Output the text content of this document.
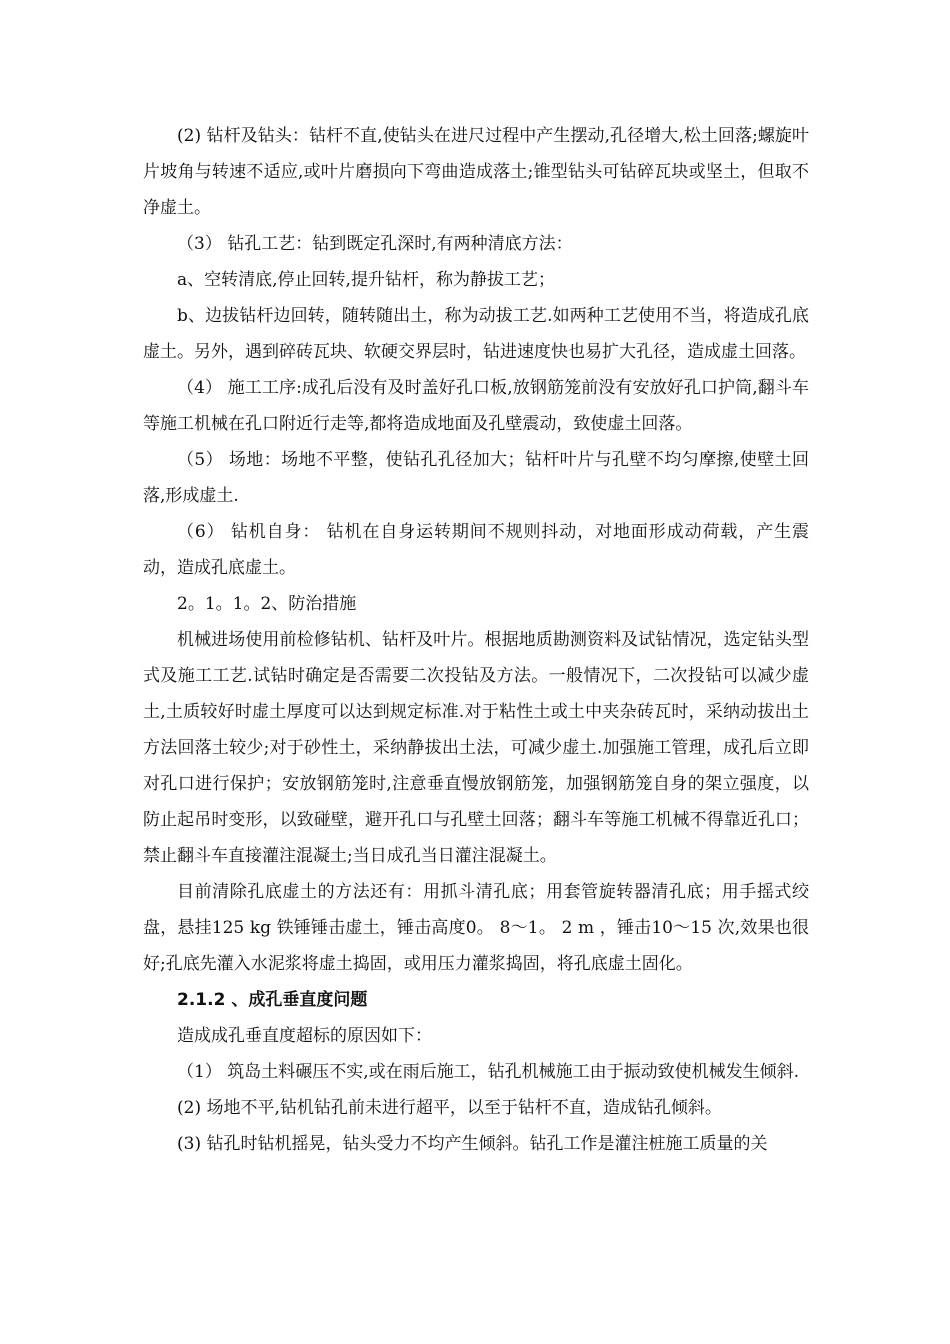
(2) 钻杆及钻头：钻杆不直,使钻头在进尺过程中产生摆动,孔径增大,松土回落;螺旋叶片坡角与转速不适应,或叶片磨损向下弯曲造成落土;锥型钻头可钻碎瓦块或坚土，但取不净虚土。

（3） 钻孔工艺：钻到既定孔深时,有两种清底方法：

a、空转清底,停止回转,提升钻杆，称为静拔工艺；

b、边拔钻杆边回转，随转随出土，称为动拔工艺.如两种工艺使用不当，将造成孔底虚土。另外，遇到碎砖瓦块、软硬交界层时，钻进速度快也易扩大孔径，造成虚土回落。

（4） 施工工序:成孔后没有及时盖好孔口板,放钢筋笼前没有安放好孔口护筒,翻斗车等施工机械在孔口附近行走等,都将造成地面及孔壁震动，致使虚土回落。

（5） 场地：场地不平整，使钻孔孔径加大；钻杆叶片与孔壁不均匀摩擦,使壁土回落,形成虚土.

（6） 钻机自身： 钻机在自身运转期间不规则抖动，对地面形成动荷载，产生震动，造成孔底虚土。

2。1。1。2、防治措施

机械进场使用前检修钻机、钻杆及叶片。根据地质勘测资料及试钻情况，选定钻头型式及施工工艺.试钻时确定是否需要二次投钻及方法。一般情况下，二次投钻可以减少虚土,土质较好时虚土厚度可以达到规定标准.对于粘性土或土中夹杂砖瓦时，采纳动拔出土方法回落土较少;对于砂性土，采纳静拔出土法，可减少虚土.加强施工管理，成孔后立即对孔口进行保护；安放钢筋笼时,注意垂直慢放钢筋笼，加强钢筋笼自身的架立强度，以防止起吊时变形，以致碰壁，避开孔口与孔壁土回落；翻斗车等施工机械不得靠近孔口；禁止翻斗车直接灌注混凝土;当日成孔当日灌注混凝土。

目前清除孔底虚土的方法还有：用抓斗清孔底；用套管旋转器清孔底；用手摇式绞盘，悬挂125 kg 铁锤锤击虚土，锤击高度0。 8～1。 2 m ，锤击10～15 次,效果也很好;孔底先灌入水泥浆将虚土捣固，或用压力灌浆捣固，将孔底虚土固化。

2.1.2 、成孔垂直度问题

造成成孔垂直度超标的原因如下：

（1） 筑岛土料碾压不实,或在雨后施工，钻孔机械施工由于振动致使机械发生倾斜.

(2) 场地不平,钻机钻孔前未进行超平，以至于钻杆不直，造成钻孔倾斜。

(3) 钻孔时钻机摇晃，钻头受力不均产生倾斜。钻孔工作是灌注桩施工质量的关
